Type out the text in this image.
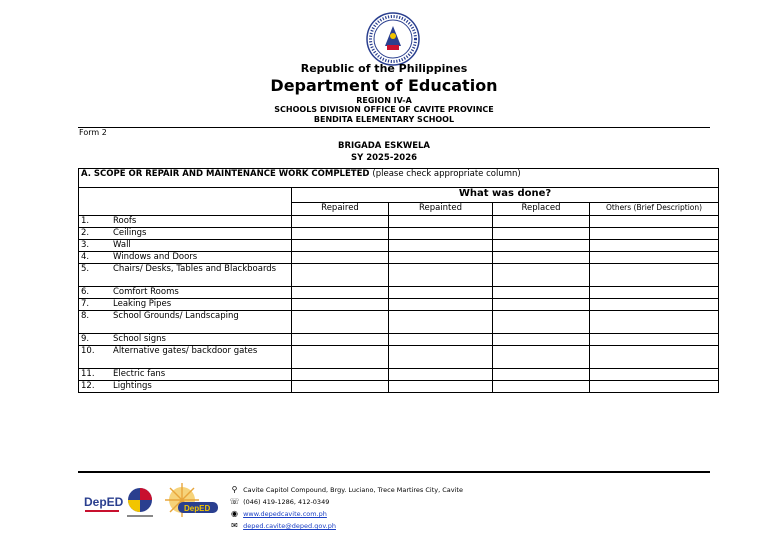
Republic of the Philippines
Department of Education
REGION IV-A
SCHOOLS DIVISION OFFICE OF CAVITE PROVINCE
BENDITA ELEMENTARY SCHOOL
Form 2
BRIGADA ESKWELA
SY 2025-2026
A. SCOPE OR REPAIR AND MAINTENANCE WORK COMPLETED (please check appropriate column)				
	What was done?			
	Repaired	Repainted	Replaced	Others (Brief Description)
1. Roofs				
2. Ceilings				
3. Wall				
4. Windows and Doors				
5. Chairs/ Desks, Tables and Blackboards				
6. Comfort Rooms				
7. Leaking Pipes				
8. School Grounds/ Landscaping				
9. School signs				
10. Alternative gates/ backdoor gates				
11. Electric fans				
12.Lightings				
DepED	DepED
⚲ Cavite Capitol Compound, Brgy. Luciano, Trece Martires City, Cavite
☏ (046) 419-1286, 412-0349
◉ www.depedcavite.com.ph
✉ deped.cavite@deped.gov.ph
